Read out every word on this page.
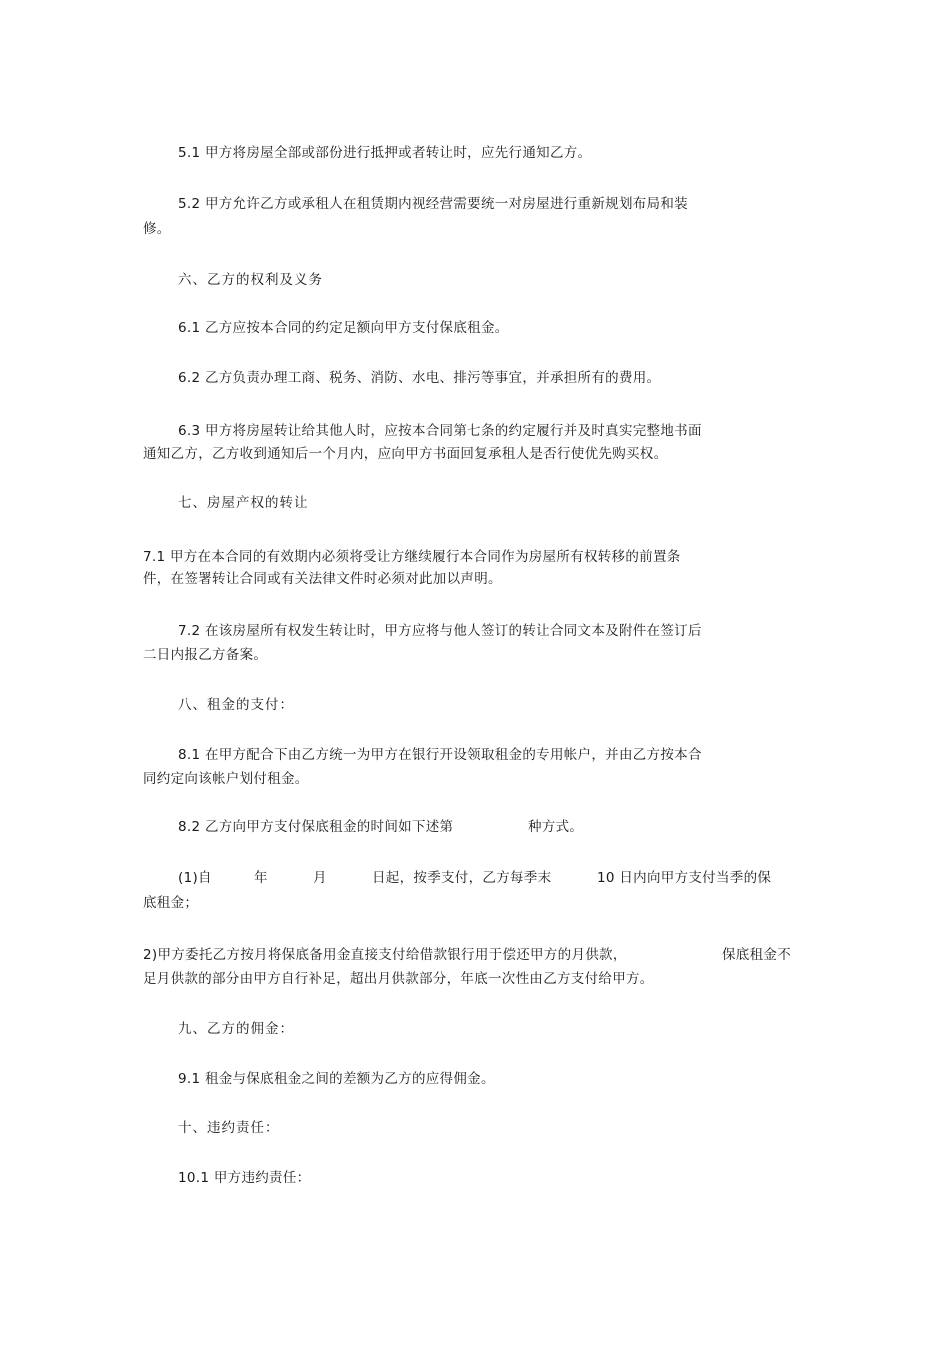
5.1 甲方将房屋全部或部份进行抵押或者转让时，应先行通知乙方。

5.2 甲方允许乙方或承租人在租赁期内视经营需要统一对房屋进行重新规划布局和装

修。

六、乙方的权利及义务

6.1 乙方应按本合同的约定足额向甲方支付保底租金。

6.2 乙方负责办理工商、税务、消防、水电、排污等事宜，并承担所有的费用。

6.3 甲方将房屋转让给其他人时，应按本合同第七条的约定履行并及时真实完整地书面

通知乙方，乙方收到通知后一个月内，应向甲方书面回复承租人是否行使优先购买权。

七、房屋产权的转让

7.1 甲方在本合同的有效期内必须将受让方继续履行本合同作为房屋所有权转移的前置条

件，在签署转让合同或有关法律文件时必须对此加以声明。

7.2 在该房屋所有权发生转让时，甲方应将与他人签订的转让合同文本及附件在签订后

二日内报乙方备案。

八、租金的支付：

8.1 在甲方配合下由乙方统一为甲方在银行开设领取租金的专用帐户，并由乙方按本合

同约定向该帐户划付租金。

8.2 乙方向甲方支付保底租金的时间如下述第	种方式。

(1)自	年	月	日起，按季支付，乙方每季末	10 日内向甲方支付当季的保

底租金；

2)甲方委托乙方按月将保底备用金直接支付给借款银行用于偿还甲方的月供款，	保底租金不

足月供款的部分由甲方自行补足，超出月供款部分，年底一次性由乙方支付给甲方。

九、乙方的佣金：

9.1 租金与保底租金之间的差额为乙方的应得佣金。

十、违约责任：

10.1 甲方违约责任：
